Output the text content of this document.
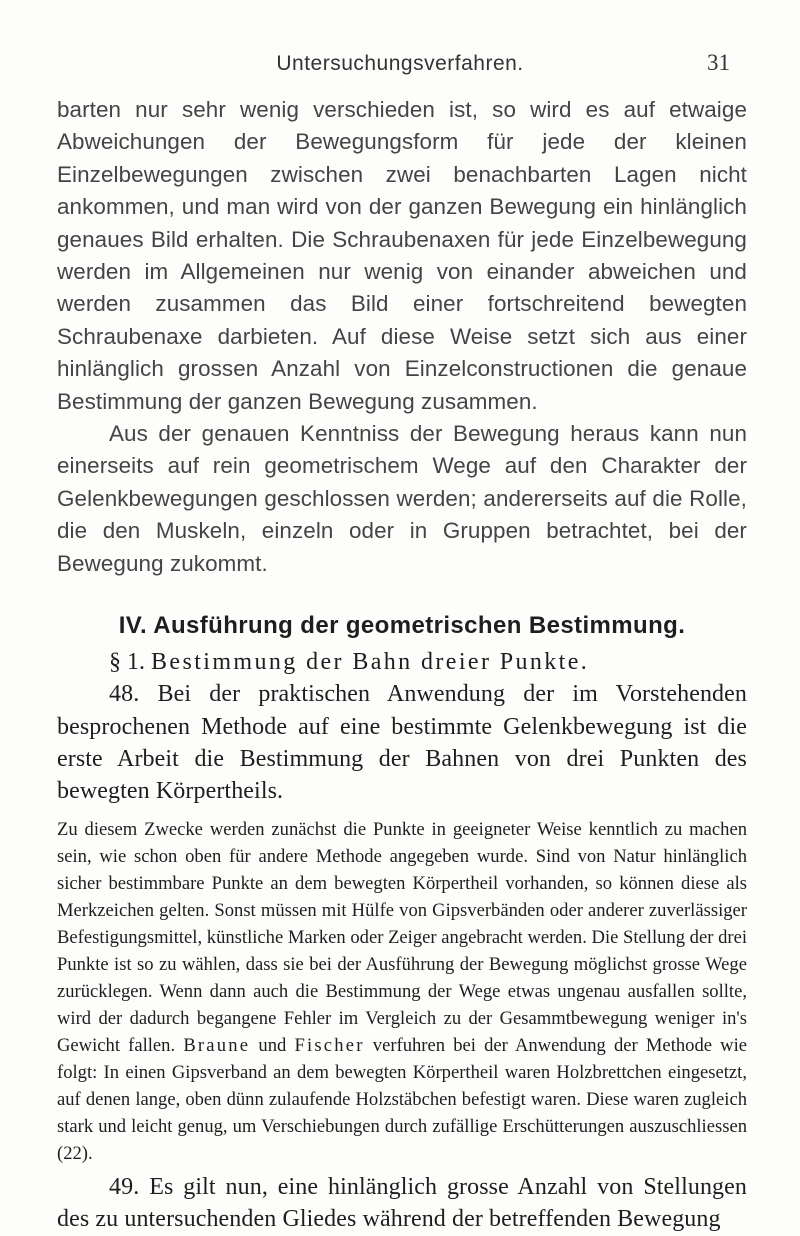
Untersuchungsverfahren.	31

barten nur sehr wenig verschieden ist, so wird es auf etwaige Abweichungen der Bewegungsform für jede der kleinen Einzelbewegungen zwischen zwei benachbarten Lagen nicht ankommen, und man wird von der ganzen Bewegung ein hinlänglich genaues Bild erhalten. Die Schraubenaxen für jede Einzelbewegung werden im Allgemeinen nur wenig von einander abweichen und werden zusammen das Bild einer fortschreitend bewegten Schraubenaxe darbieten. Auf diese Weise setzt sich aus einer hinlänglich grossen Anzahl von Einzelconstructionen die genaue Bestimmung der ganzen Bewegung zusammen.

Aus der genauen Kenntniss der Bewegung heraus kann nun einerseits auf rein geometrischem Wege auf den Charakter der Gelenkbewegungen geschlossen werden; andererseits auf die Rolle, die den Muskeln, einzeln oder in Gruppen betrachtet, bei der Bewegung zukommt.

IV. Ausführung der geometrischen Bestimmung.

§ 1. Bestimmung der Bahn dreier Punkte.

48. Bei der praktischen Anwendung der im Vorstehenden besprochenen Methode auf eine bestimmte Gelenkbewegung ist die erste Arbeit die Bestimmung der Bahnen von drei Punkten des bewegten Körpertheils.

Zu diesem Zwecke werden zunächst die Punkte in geeigneter Weise kenntlich zu machen sein, wie schon oben für andere Methode angegeben wurde. Sind von Natur hinlänglich sicher bestimmbare Punkte an dem bewegten Körpertheil vorhanden, so können diese als Merkzeichen gelten. Sonst müssen mit Hülfe von Gipsverbänden oder anderer zuverlässiger Befestigungsmittel, künstliche Marken oder Zeiger angebracht werden. Die Stellung der drei Punkte ist so zu wählen, dass sie bei der Ausführung der Bewegung möglichst grosse Wege zurücklegen. Wenn dann auch die Bestimmung der Wege etwas ungenau ausfallen sollte, wird der dadurch begangene Fehler im Vergleich zu der Gesammtbewegung weniger in's Gewicht fallen. Braune und Fischer verfuhren bei der Anwendung der Methode wie folgt: In einen Gipsverband an dem bewegten Körpertheil waren Holzbrettchen eingesetzt, auf denen lange, oben dünn zulaufende Holzstäbchen befestigt waren. Diese waren zugleich stark und leicht genug, um Verschiebungen durch zufällige Erschütterungen auszuschliessen (22).

49. Es gilt nun, eine hinlänglich grosse Anzahl von Stellungen des zu untersuchenden Gliedes während der betreffenden Bewegung
